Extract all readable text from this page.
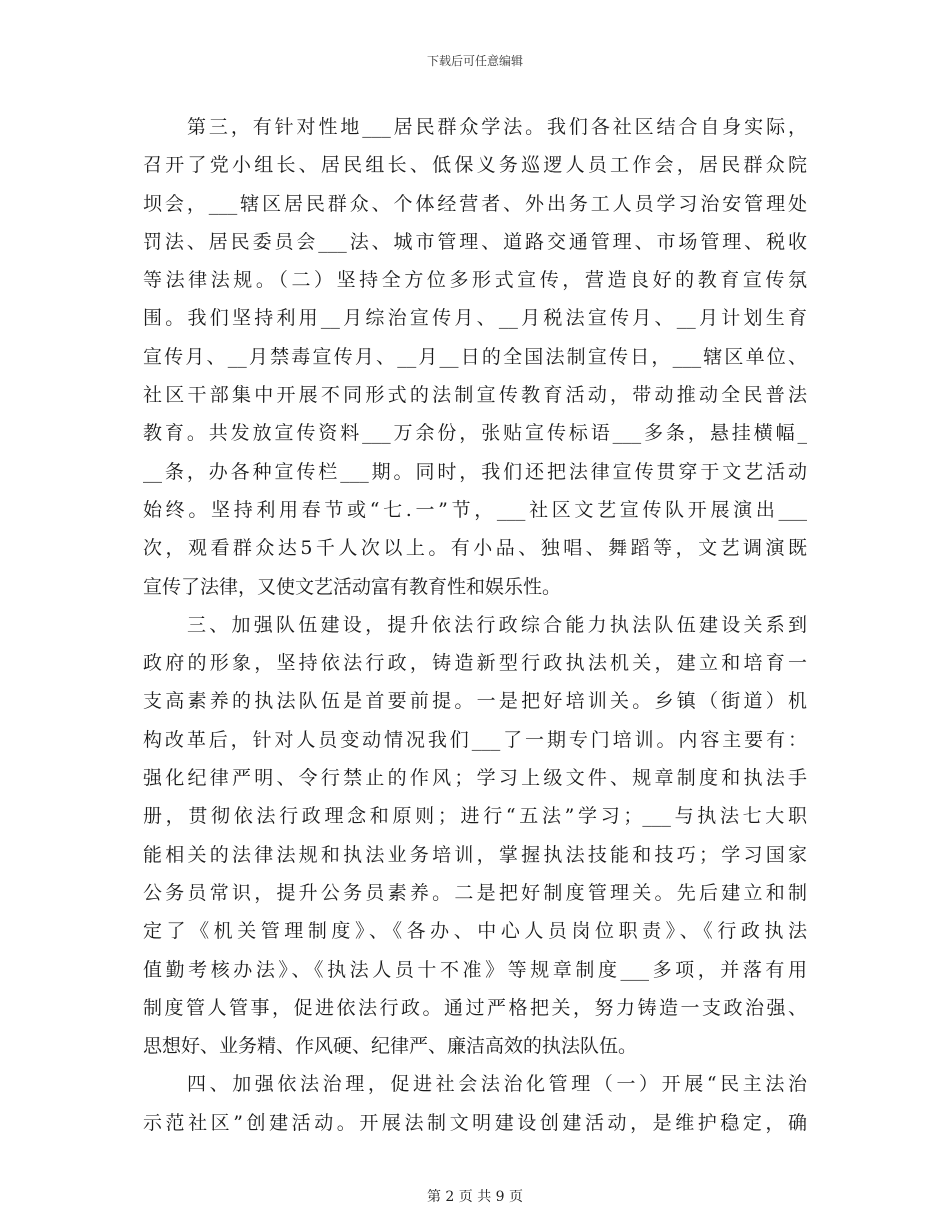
下载后可任意编辑
第三，有针对性地___居民群众学法。我们各社区结合自身实际，
召开了党小组长、居民组长、低保义务巡逻人员工作会，居民群众院
坝会，___辖区居民群众、个体经营者、外出务工人员学习治安管理处
罚法、居民委员会___法、城市管理、道路交通管理、市场管理、税收
等法律法规。（二）坚持全方位多形式宣传，营造良好的教育宣传氛
围。我们坚持利用__月综治宣传月、__月税法宣传月、__月计划生育
宣传月、__月禁毒宣传月、__月__日的全国法制宣传日，___辖区单位、
社区干部集中开展不同形式的法制宣传教育活动，带动推动全民普法
教育。共发放宣传资料___万余份，张贴宣传标语___多条，悬挂横幅_
__条，办各种宣传栏___期。同时，我们还把法律宣传贯穿于文艺活动
始终。坚持利用春节或“七.一”节，___社区文艺宣传队开展演出___
次，观看群众达5千人次以上。有小品、独唱、舞蹈等，文艺调演既
宣传了法律，又使文艺活动富有教育性和娱乐性。
三、加强队伍建设，提升依法行政综合能力执法队伍建设关系到
政府的形象，坚持依法行政，铸造新型行政执法机关，建立和培育一
支高素养的执法队伍是首要前提。一是把好培训关。乡镇（街道）机
构改革后，针对人员变动情况我们___了一期专门培训。内容主要有：
强化纪律严明、令行禁止的作风；学习上级文件、规章制度和执法手
册，贯彻依法行政理念和原则；进行“五法”学习；___与执法七大职
能相关的法律法规和执法业务培训，掌握执法技能和技巧；学习国家
公务员常识，提升公务员素养。二是把好制度管理关。先后建立和制
定了《机关管理制度》、《各办、中心人员岗位职责》、《行政执法
值勤考核办法》、《执法人员十不准》等规章制度___多项，并落有用
制度管人管事，促进依法行政。通过严格把关，努力铸造一支政治强、
思想好、业务精、作风硬、纪律严、廉洁高效的执法队伍。
四、加强依法治理，促进社会法治化管理（一）开展“民主法治
示范社区”创建活动。开展法制文明建设创建活动，是维护稳定，确
第 2 页 共 9 页
